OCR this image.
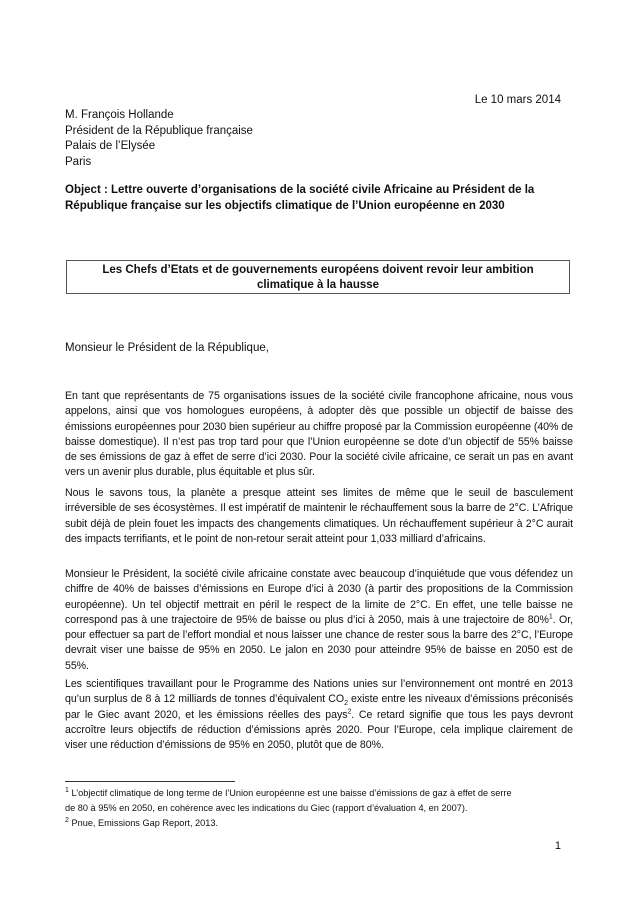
Le 10 mars 2014
M. François Hollande
Président de la République française
Palais de l’Elysée
Paris
Object : Lettre ouverte d’organisations de la société civile Africaine au Président de la République française sur les objectifs climatique de l’Union européenne en 2030
Les Chefs d’Etats et de gouvernements européens doivent revoir leur ambition climatique à la hausse
Monsieur le Président de la République,
En tant que représentants de 75 organisations issues de la société civile francophone africaine, nous vous appelons, ainsi que vos homologues européens, à adopter dès que possible un objectif de baisse des émissions européennes pour 2030 bien supérieur au chiffre proposé par la Commission européenne (40% de baisse domestique). Il n’est pas trop tard pour que l’Union européenne se dote d’un objectif de 55% baisse de ses émissions de gaz à effet de serre d’ici 2030. Pour la société civile africaine, ce serait un pas en avant vers un avenir plus durable, plus équitable et plus sûr.
Nous le savons tous, la planète a presque atteint ses limites de même que le seuil de basculement irréversible de ses écosystèmes. Il est impératif de maintenir le réchauffement sous la barre de 2°C. L’Afrique subit déjà de plein fouet les impacts des changements climatiques. Un réchauffement supérieur à 2°C aurait des impacts terrifiants, et le point de non-retour serait atteint pour 1,033 milliard d’africains.
Monsieur le Président, la société civile africaine constate avec beaucoup d’inquiétude que vous défendez un chiffre de 40% de baisses d’émissions en Europe d’ici à 2030 (à partir des propositions de la Commission européenne). Un tel objectif mettrait en péril le respect de la limite de 2°C. En effet, une telle baisse ne correspond pas à une trajectoire de 95% de baisse ou plus d’ici à 2050, mais à une trajectoire de 80%$^1$. Or, pour effectuer sa part de l’effort mondial et nous laisser une chance de rester sous la barre des 2°C, l’Europe devrait viser une baisse de 95% en 2050. Le jalon en 2030 pour atteindre 95% de baisse en 2050 est de 55%.
Les scientifiques travaillant pour le Programme des Nations unies sur l’environnement ont montré en 2013 qu’un surplus de 8 à 12 milliards de tonnes d’équivalent $CO_2$ existe entre les niveaux d’émissions préconisés par le Giec avant 2020, et les émissions réelles des pays$^2$. Ce retard signifie que tous les pays devront accroître leurs objectifs de réduction d’émissions après 2020. Pour l’Europe, cela implique clairement de viser une réduction d’émissions de 95% en 2050, plutôt que de 80%.
$^1$ L’objectif climatique de long terme de l’Union européenne est une baisse d’émissions de gaz à effet de serre
de 80 à 95% en 2050, en cohérence avec les indications du Giec (rapport d’évaluation 4, en 2007).
$^2$ Pnue, Emissions Gap Report, 2013.
1
